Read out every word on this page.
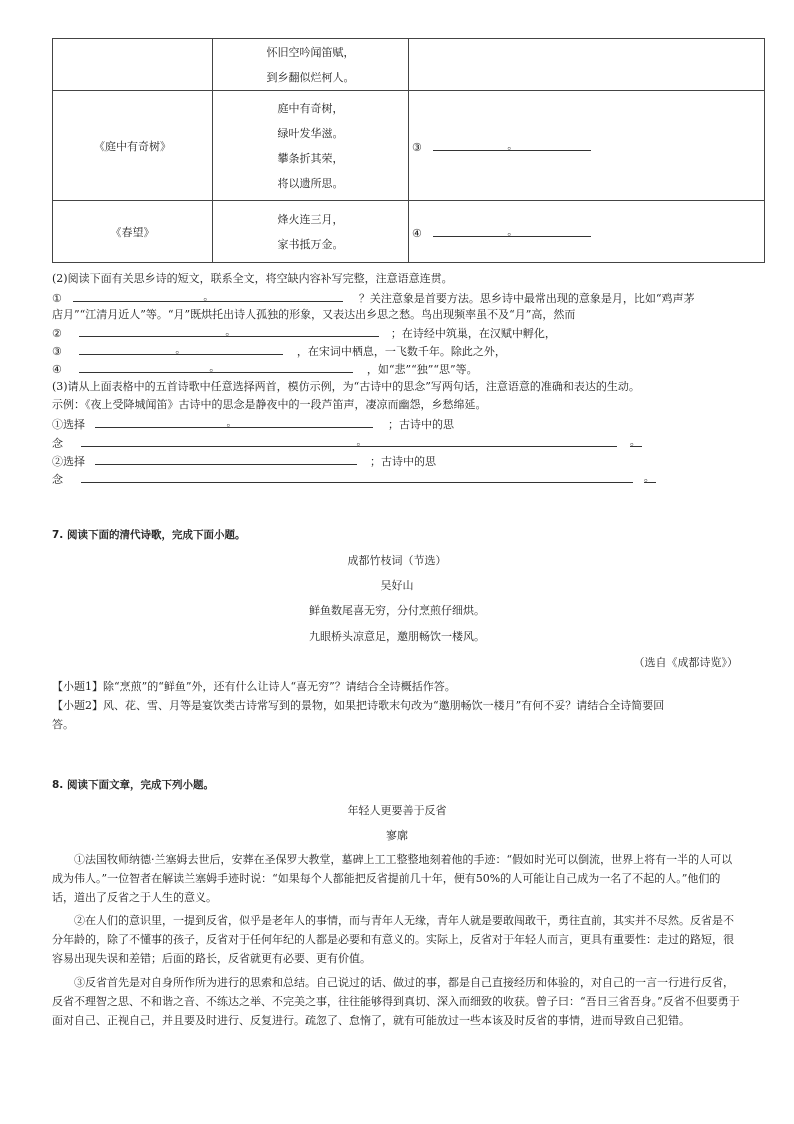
	怀旧空吟闻笛赋，
到乡翻似烂柯人。	

《庭中有奇树》	庭中有奇树，
绿叶发华滋。
攀条折其荣，
将以遗所思。	③ 。

《春望》	烽火连三月，
家书抵万金。	④ 。
(2)阅读下面有关思乡诗的短文，联系全文，将空缺内容补写完整，注意语意连贯。
①	。	？关注意象是首要方法。思乡诗中最常出现的意象是月，比如“鸡声茅
店月”“江清月近人”等。“月”既烘托出诗人孤独的形象，又表达出乡思之愁。鸟出现频率虽不及“月”高，然而
②	。	；在诗经中筑巢，在汉赋中孵化，
③	。	，在宋词中栖息，一飞数千年。除此之外，
④	。	，如“悲”“独”“思”等。
(3)请从上面表格中的五首诗歌中任意选择两首，模仿示例，为“古诗中的思念”写两句话，注意语意的准确和表达的生动。
示例：《夜上受降城闻笛》古诗中的思念是静夜中的一段芦笛声，凄凉而幽怨，乡愁绵延。
①选择	。	；古诗中的思
念	。
	。
②选择	；古诗中的思
念	。
7. 阅读下面的清代诗歌，完成下面小题。
成都竹枝词（节选）
吴好山
鲜鱼数尾喜无穷，分付烹煎仔细烘。
九眼桥头凉意足，邀朋畅饮一楼风。
（选自《成都诗览》）
【小题1】除“烹煎”的“鲜鱼”外，还有什么让诗人“喜无穷”？请结合全诗概括作答。
【小题2】风、花、雪、月等是宴饮类古诗常写到的景物，如果把诗歌末句改为“邀朋畅饮一楼月”有何不妥？请结合全诗简要回
答。
8. 阅读下面文章，完成下列小题。
年轻人更要善于反省
寥廓
①法国牧师纳德·兰塞姆去世后，安葬在圣保罗大教堂，墓碑上工工整整地刻着他的手迹：“假如时光可以倒流，世界上将有一半的人可以成为伟人。”一位智者在解读兰塞姆手迹时说：“如果每个人都能把反省提前几十年，便有50%的人可能让自己成为一名了不起的人。”他们的话，道出了反省之于人生的意义。
②在人们的意识里，一提到反省，似乎是老年人的事情，而与青年人无缘，青年人就是要敢闯敢干，勇往直前，其实并不尽然。反省是不分年龄的，除了不懂事的孩子，反省对于任何年纪的人都是必要和有意义的。实际上，反省对于年轻人而言，更具有重要性：走过的路短，很容易出现失误和差错；后面的路长，反省就更有必要、更有价值。
③反省首先是对自身所作所为进行的思索和总结。自己说过的话、做过的事，都是自己直接经历和体验的，对自己的一言一行进行反省，反省不理智之思、不和谐之音、不练达之举、不完美之事，往往能够得到真切、深入而细致的收获。曾子曰：“吾日三省吾身。”反省不但要勇于面对自己、正视自己，并且要及时进行、反复进行。疏忽了、怠惰了，就有可能放过一些本该及时反省的事情，进而导致自己犯错。
